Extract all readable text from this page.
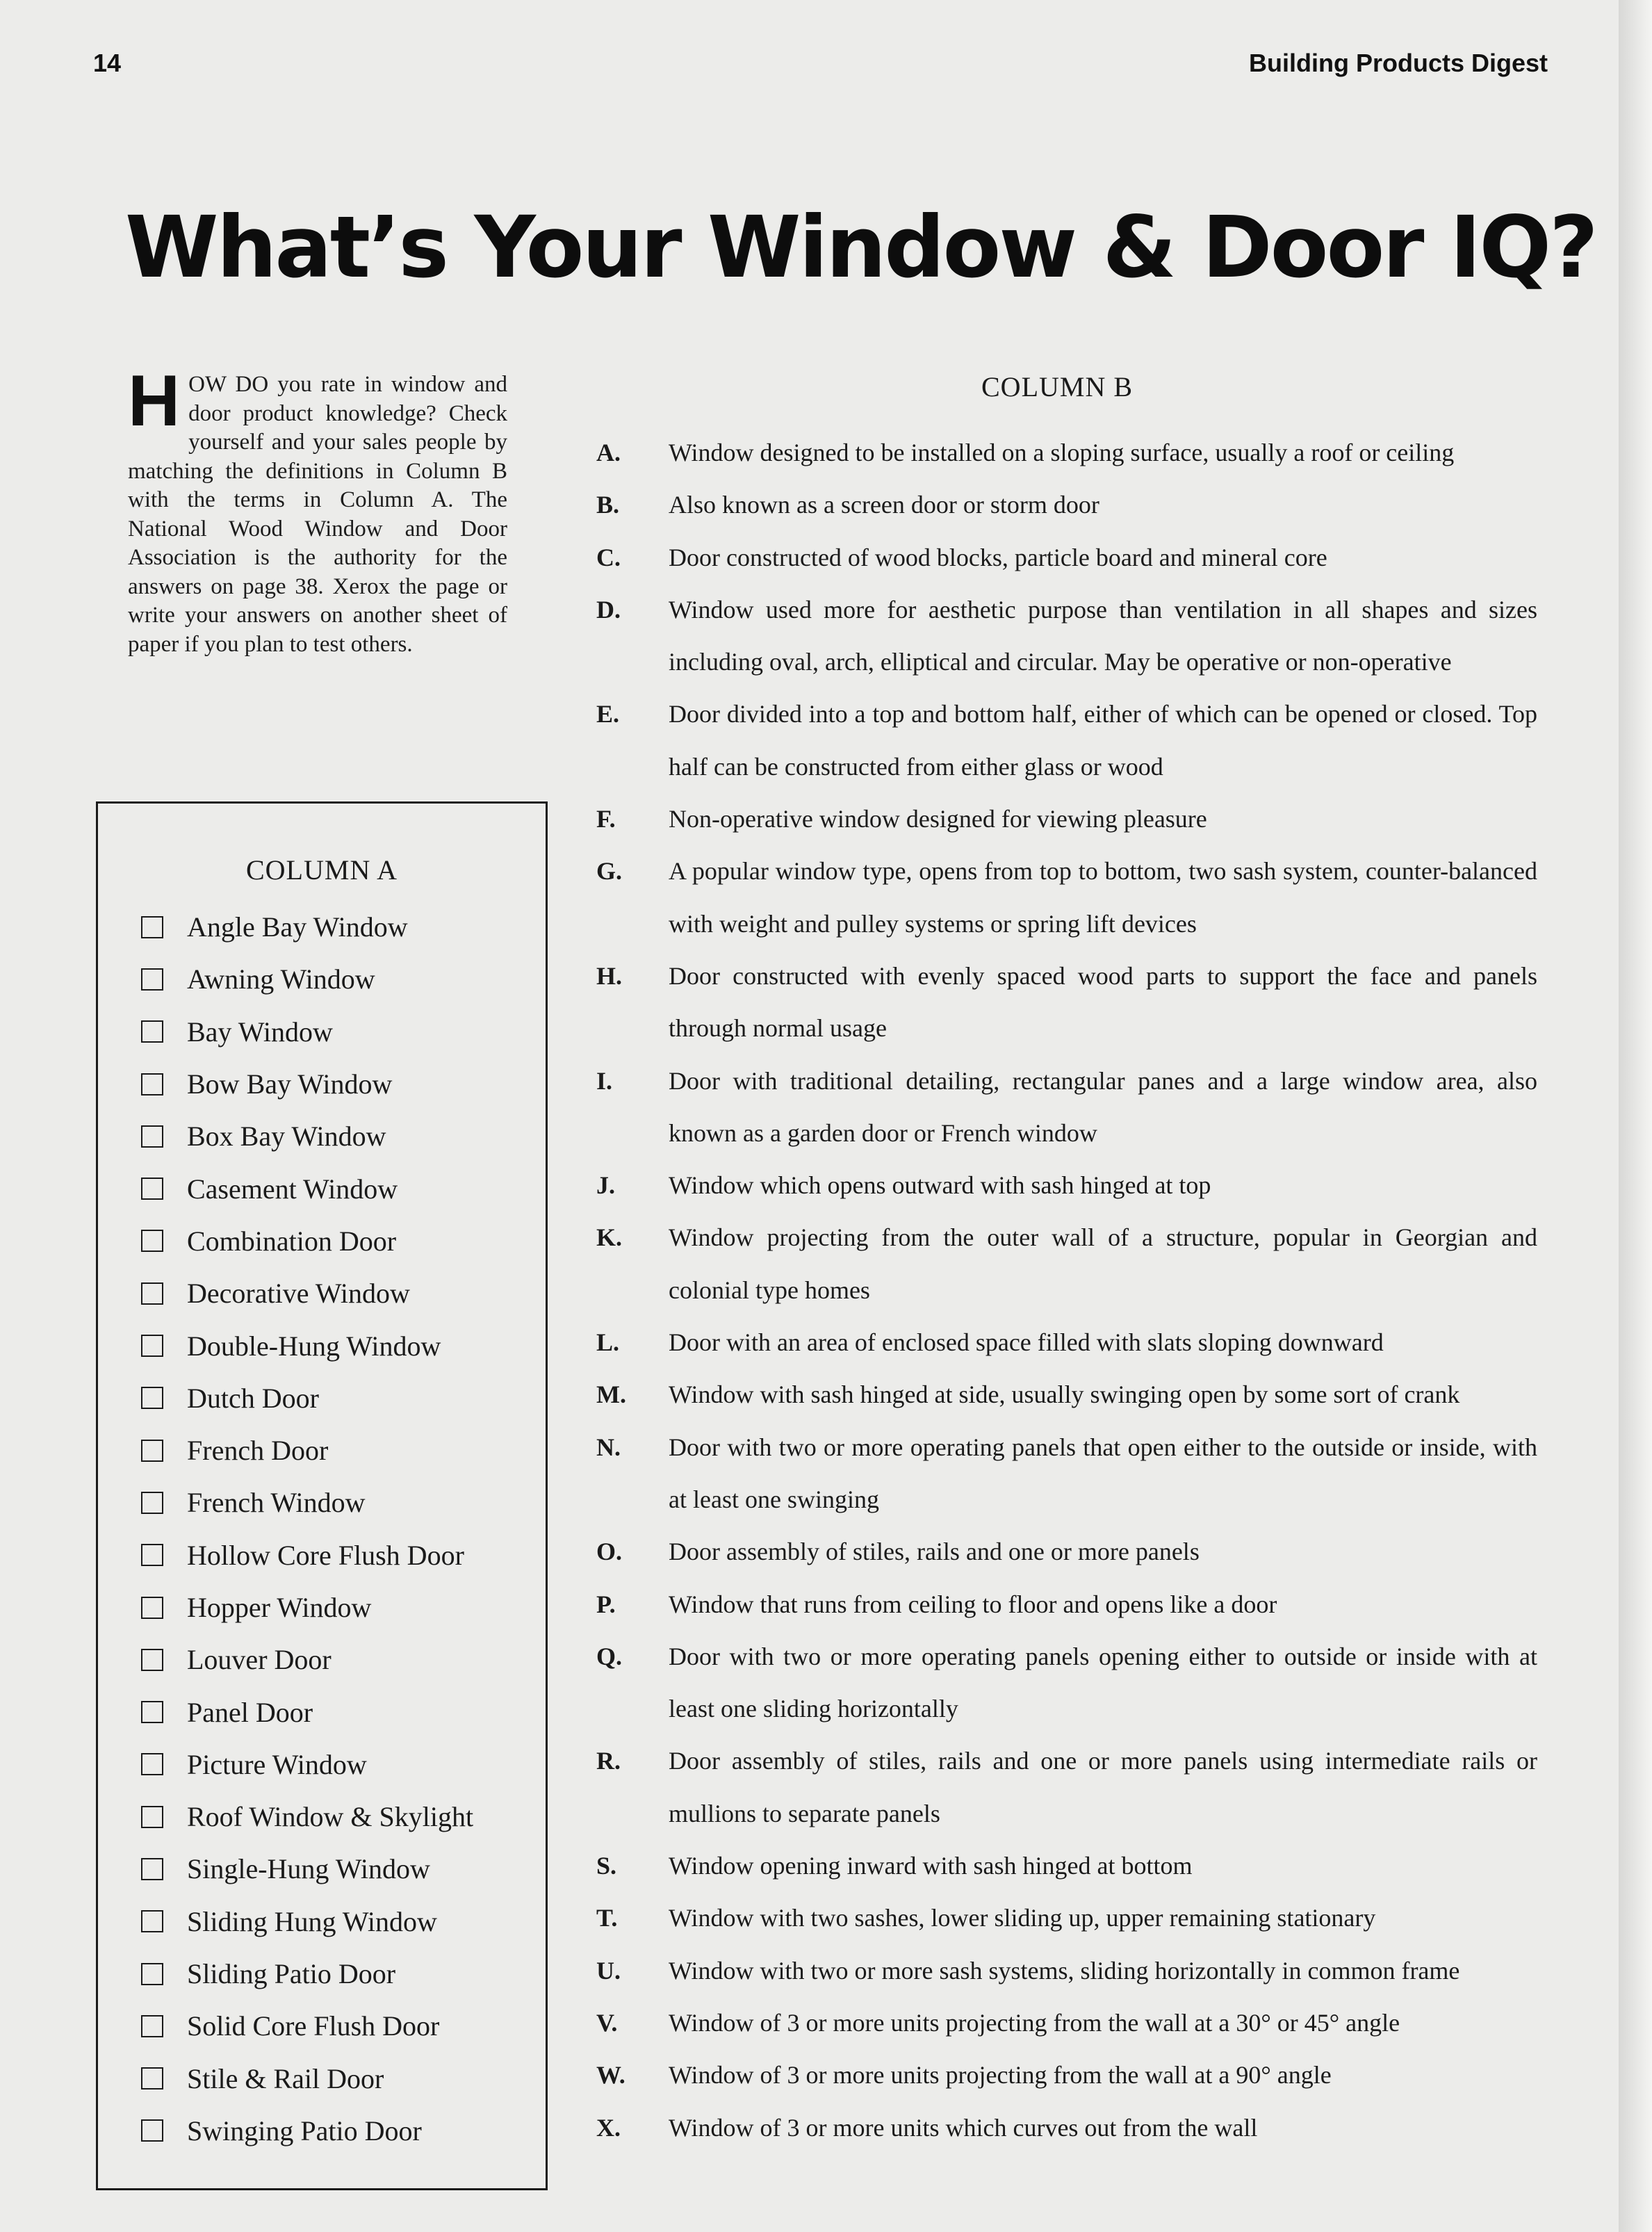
14	Building Products Digest
What’s Your Window & Door IQ?
H OW DO you rate in window and door product knowledge? Check yourself and your sales people by matching the definitions in Column B with the terms in Column A. The National Wood Window and Door Association is the authority for the answers on page 38. Xerox the page or write your answers on another sheet of paper if you plan to test others.
COLUMN A
Angle Bay Window
Awning Window
Bay Window
Bow Bay Window
Box Bay Window
Casement Window
Combination Door
Decorative Window
Double-Hung Window
Dutch Door
French Door
French Window
Hollow Core Flush Door
Hopper Window
Louver Door
Panel Door
Picture Window
Roof Window & Skylight
Single-Hung Window
Sliding Hung Window
Sliding Patio Door
Solid Core Flush Door
Stile & Rail Door
Swinging Patio Door
COLUMN B
A.	Window designed to be installed on a sloping surface, usually a roof or ceiling
B.	Also known as a screen door or storm door
C.	Door constructed of wood blocks, particle board and mineral core
D.	Window used more for aesthetic purpose than ventilation in all shapes and sizes including oval, arch, elliptical and circular. May be operative or non-operative
E.	Door divided into a top and bottom half, either of which can be opened or closed. Top half can be constructed from either glass or wood
F.	Non-operative window designed for viewing pleasure
G.	A popular window type, opens from top to bottom, two sash system, counter-balanced with weight and pulley systems or spring lift devices
H.	Door constructed with evenly spaced wood parts to support the face and panels through normal usage
I.	Door with traditional detailing, rectangular panes and a large window area, also known as a garden door or French window
J.	Window which opens outward with sash hinged at top
K.	Window projecting from the outer wall of a structure, popular in Georgian and colonial type homes
L.	Door with an area of enclosed space filled with slats sloping downward
M.	Window with sash hinged at side, usually swinging open by some sort of crank
N.	Door with two or more operating panels that open either to the outside or inside, with at least one swinging
O.	Door assembly of stiles, rails and one or more panels
P.	Window that runs from ceiling to floor and opens like a door
Q.	Door with two or more operating panels opening either to outside or inside with at least one sliding horizontally
R.	Door assembly of stiles, rails and one or more panels using intermediate rails or mullions to separate panels
S.	Window opening inward with sash hinged at bottom
T.	Window with two sashes, lower sliding up, upper remaining stationary
U.	Window with two or more sash systems, sliding horizontally in common frame
V.	Window of 3 or more units projecting from the wall at a 30° or 45° angle
W.	Window of 3 or more units projecting from the wall at a 90° angle
X.	Window of 3 or more units which curves out from the wall
